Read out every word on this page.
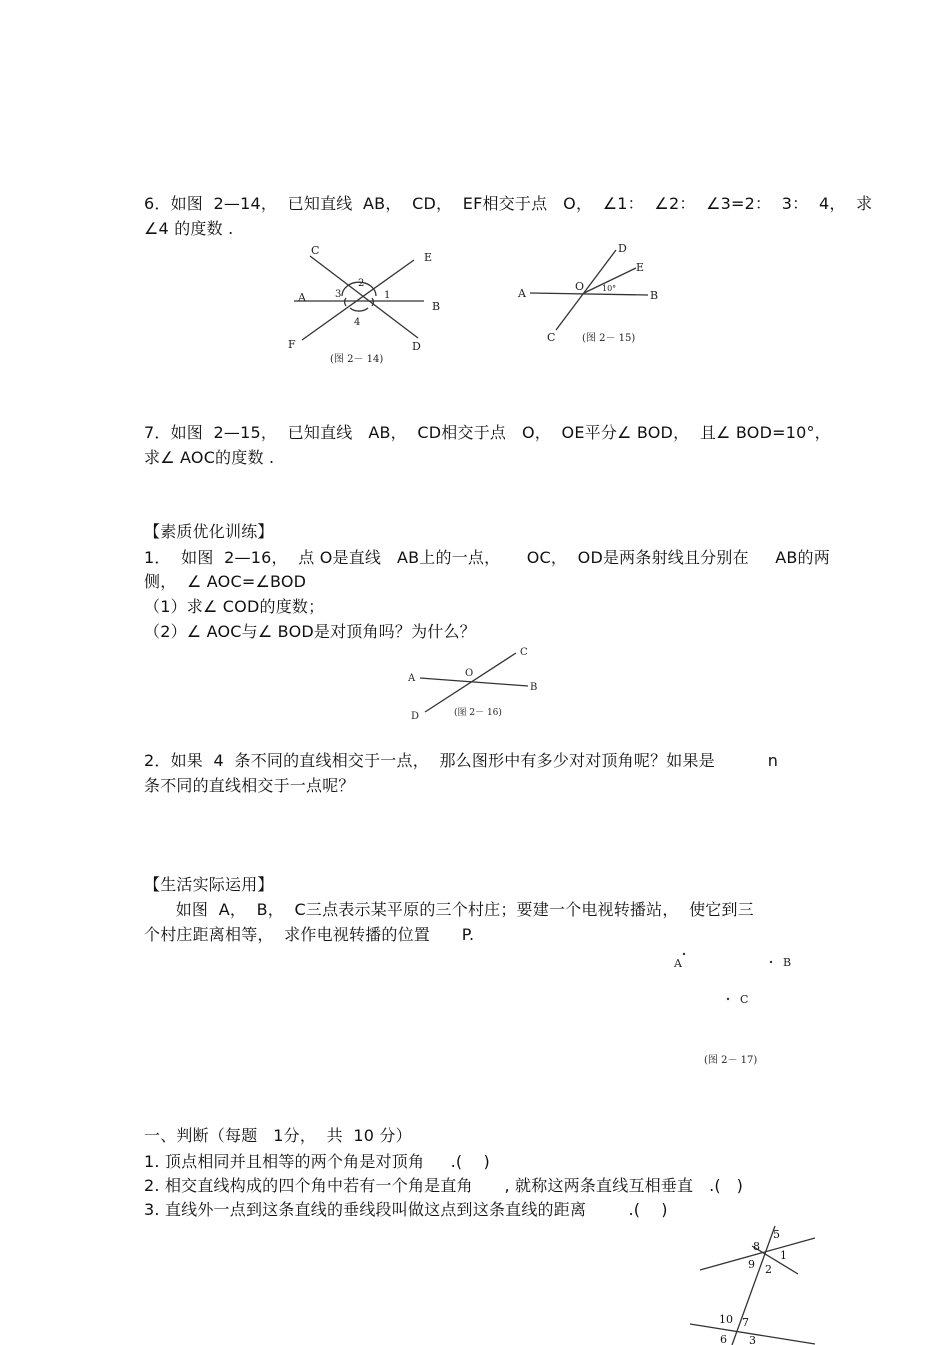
6．如图  2—14，  已知直线  AB，  CD，  EF相交于点   O，  ∠1：  ∠2：  ∠3=2：  3：  4，  求
∠4 的度数 .
C
E
A
B
F	D
2
3	1
4
(图 2－ 14)
D
E
A
O
B
C
10°
(图 2－ 15)
7．如图  2—15，  已知直线   AB，  CD相交于点   O，  OE平分∠ BOD，  且∠ BOD=10°，
求∠ AOC的度数 .
【素质优化训练】
1．  如图  2—16，  点 O是直线   AB上的一点，     OC，  OD是两条射线且分别在     AB的两
侧，  ∠ AOC=∠BOD
（1）求∠ COD的度数；
（2）∠ AOC与∠ BOD是对顶角吗？为什么？
A	O
C
B
D	(图 2－ 16)
2．如果  4  条不同的直线相交于一点，  那么图形中有多少对对顶角呢？如果是          n
条不同的直线相交于一点呢？
【生活实际运用】
如图  A，  B，  C三点表示某平原的三个村庄；要建一个电视转播站，  使它到三
个村庄距离相等，  求作电视转播的位置      P.
A	B
C
(图 2－ 17)
一、判断（每题   1分，  共  10 分）
1. 顶点相同并且相等的两个角是对顶角     .(    )
2. 相交直线构成的四个角中若有一个角是直角      , 就称这两条直线互相垂直   .(   )
3. 直线外一点到这条直线的垂线段叫做这点到这条直线的距离        .(    )
5
8
1
9 2
10 7
6 3
